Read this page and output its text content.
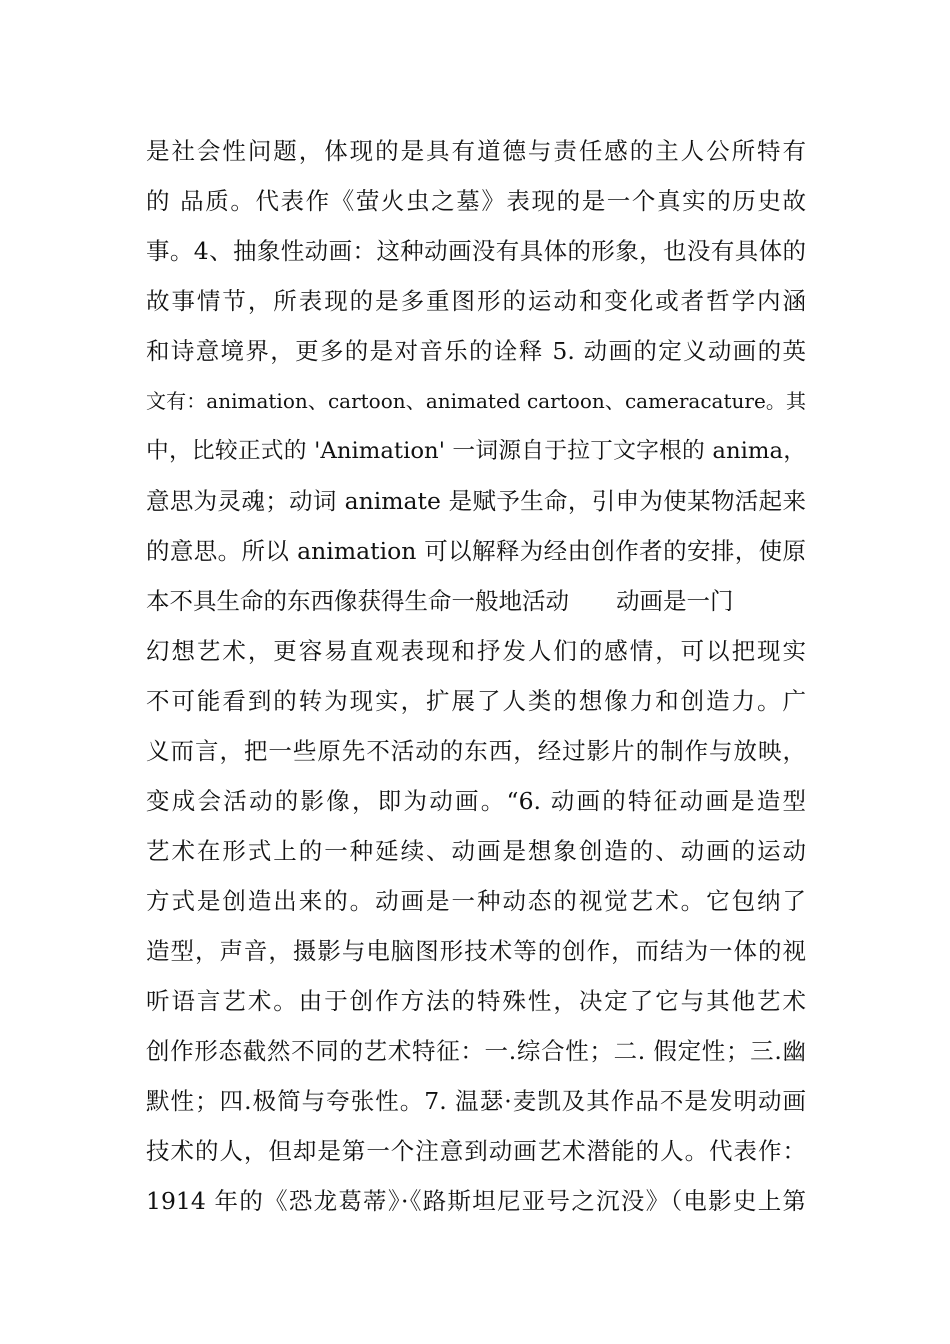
是社会性问题，体现的是具有道德与责任感的主人公所特有
的 品质。代表作《萤火虫之墓》表现的是一个真实的历史故
事。4、抽象性动画：这种动画没有具体的形象，也没有具体的
故事情节，所表现的是多重图形的运动和变化或者哲学内涵
和诗意境界，更多的是对音乐的诠释 5. 动画的定义动画的英
文有：animation、cartoon、animated cartoon、cameracature。其
中，比较正式的 'Animation' 一词源自于拉丁文字根的 anima，
意思为灵魂；动词 animate 是赋予生命，引申为使某物活起来
的意思。所以 animation 可以解释为经由创作者的安排，使原
本不具生命的东西像获得生命一般地活动　　动画是一门
幻想艺术，更容易直观表现和抒发人们的感情，可以把现实
不可能看到的转为现实，扩展了人类的想像力和创造力。广
义而言，把一些原先不活动的东西，经过影片的制作与放映，
变成会活动的影像，即为动画。“6. 动画的特征动画是造型
艺术在形式上的一种延续、动画是想象创造的、动画的运动
方式是创造出来的。动画是一种动态的视觉艺术。它包纳了
造型，声音，摄影与电脑图形技术等的创作，而结为一体的视
听语言艺术。由于创作方法的特殊性，决定了它与其他艺术
创作形态截然不同的艺术特征：一.综合性；二. 假定性；三.幽
默性；四.极简与夸张性。7. 温瑟·麦凯及其作品不是发明动画
技术的人，但却是第一个注意到动画艺术潜能的人。代表作：
1914 年的《恐龙葛蒂》·《路斯坦尼亚号之沉没》（电影史上第
